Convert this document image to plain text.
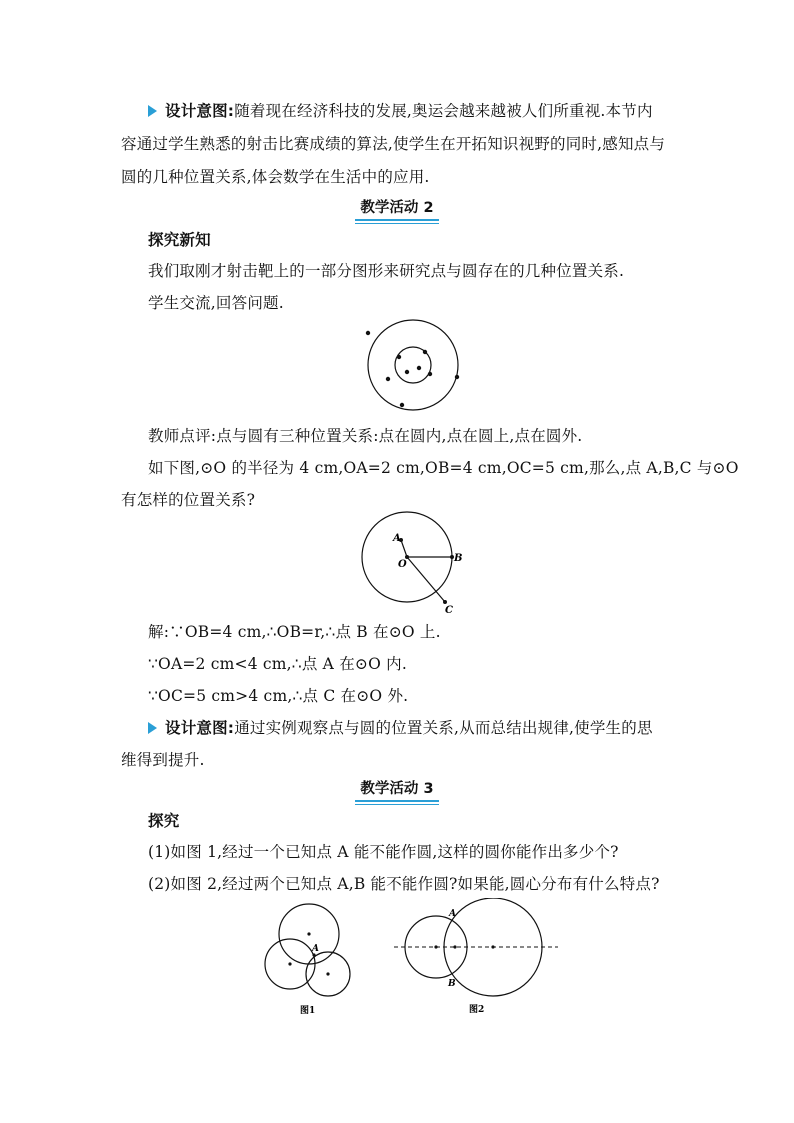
设计意图:随着现在经济科技的发展,奥运会越来越被人们所重视.本节内
容通过学生熟悉的射击比赛成绩的算法,使学生在开拓知识视野的同时,感知点与
圆的几种位置关系,体会数学在生活中的应用.
教学活动 2
探究新知
我们取刚才射击靶上的一部分图形来研究点与圆存在的几种位置关系.
学生交流,回答问题.
教师点评:点与圆有三种位置关系:点在圆内,点在圆上,点在圆外.
如下图,⊙O 的半径为 4 cm,OA=2 cm,OB=4 cm,OC=5 cm,那么,点 A,B,C 与⊙O
有怎样的位置关系?
A
B
O
C
解:∵OB=4 cm,∴OB=r,∴点 B 在⊙O 上.
∵OA=2 cm<4 cm,∴点 A 在⊙O 内.
∵OC=5 cm>4 cm,∴点 C 在⊙O 外.
设计意图:通过实例观察点与圆的位置关系,从而总结出规律,使学生的思
维得到提升.
教学活动 3
探究
(1)如图 1,经过一个已知点 A 能不能作圆,这样的圆你能作出多少个?
(2)如图 2,经过两个已知点 A,B 能不能作圆?如果能,圆心分布有什么特点?
A
图1
A
B
图2
